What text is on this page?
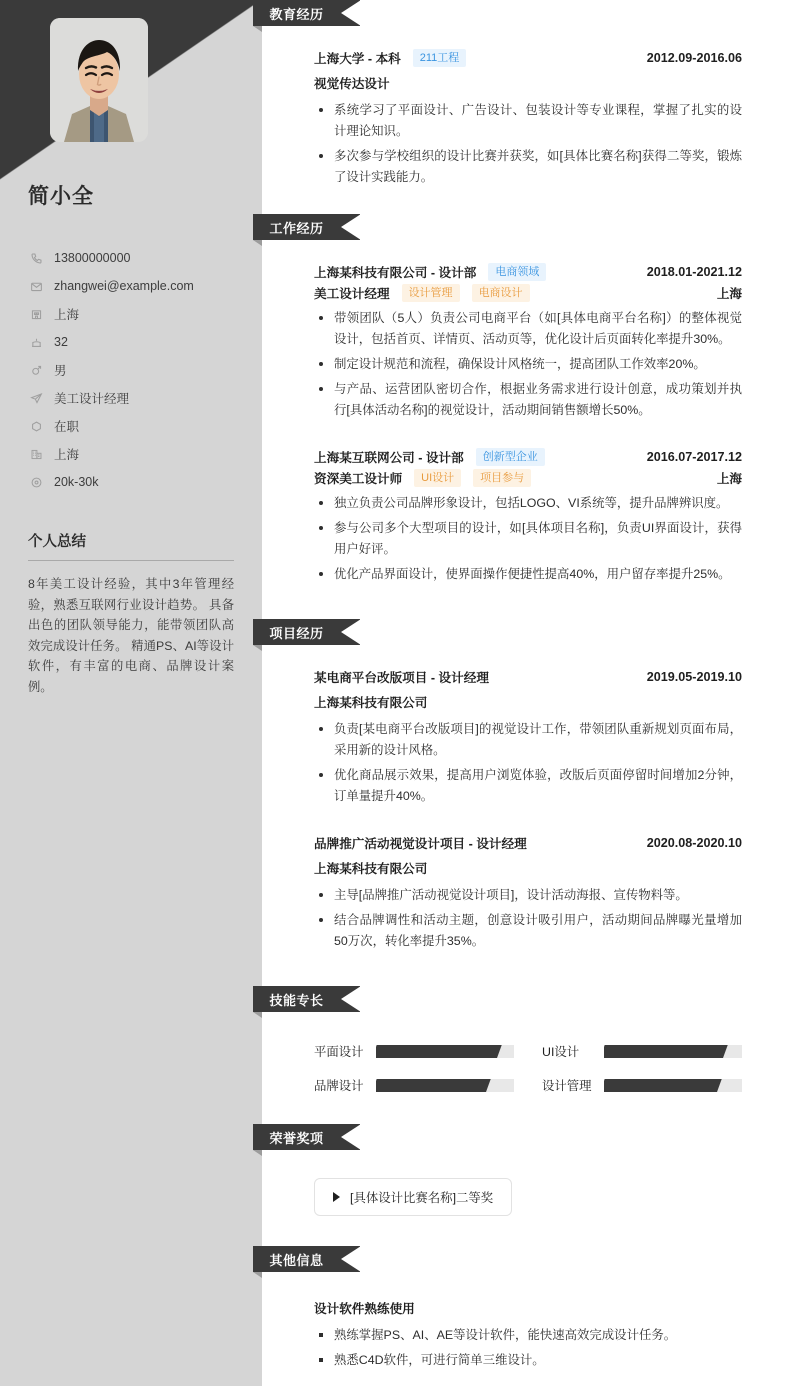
简小全
13800000000
zhangwei@example.com
上海
32
男
美工设计经理
在职
上海
20k-30k
个人总结
8年美工设计经验，其中3年管理经验，熟悉互联网行业设计趋势。 具备出色的团队领导能力，能带领团队高效完成设计任务。 精通PS、AI等设计软件，有丰富的电商、品牌设计案例。
教育经历
上海大学 - 本科	211工程	2012.09-2016.06
视觉传达设计
系统学习了平面设计、广告设计、包装设计等专业课程，掌握了扎实的设计理论知识。
多次参与学校组织的设计比赛并获奖，如[具体比赛名称]获得二等奖，锻炼了设计实践能力。
工作经历
上海某科技有限公司 - 设计部	电商领域	2018.01-2021.12
美工设计经理	设计管理	电商设计	上海
带领团队（5人）负责公司电商平台（如[具体电商平台名称]）的整体视觉设计，包括首页、详情页、活动页等，优化设计后页面转化率提升30%。
制定设计规范和流程，确保设计风格统一，提高团队工作效率20%。
与产品、运营团队密切合作，根据业务需求进行设计创意，成功策划并执行[具体活动名称]的视觉设计，活动期间销售额增长50%。
上海某互联网公司 - 设计部	创新型企业	2016.07-2017.12
资深美工设计师	UI设计	项目参与	上海
独立负责公司品牌形象设计，包括LOGO、VI系统等，提升品牌辨识度。
参与公司多个大型项目的设计，如[具体项目名称]，负责UI界面设计，获得用户好评。
优化产品界面设计，使界面操作便捷性提高40%，用户留存率提升25%。
项目经历
某电商平台改版项目 - 设计经理	2019.05-2019.10
上海某科技有限公司
负责[某电商平台改版项目]的视觉设计工作，带领团队重新规划页面布局，采用新的设计风格。
优化商品展示效果，提高用户浏览体验，改版后页面停留时间增加2分钟，订单量提升40%。
品牌推广活动视觉设计项目 - 设计经理	2020.08-2020.10
上海某科技有限公司
主导[品牌推广活动视觉设计项目]，设计活动海报、宣传物料等。
结合品牌调性和活动主题，创意设计吸引用户，活动期间品牌曝光量增加50万次，转化率提升35%。
技能专长
平面设计	UI设计
品牌设计	设计管理
荣誉奖项
[具体设计比赛名称]二等奖
其他信息
设计软件熟练使用
熟练掌握PS、AI、AE等设计软件，能快速高效完成设计任务。
熟悉C4D软件，可进行简单三维设计。
